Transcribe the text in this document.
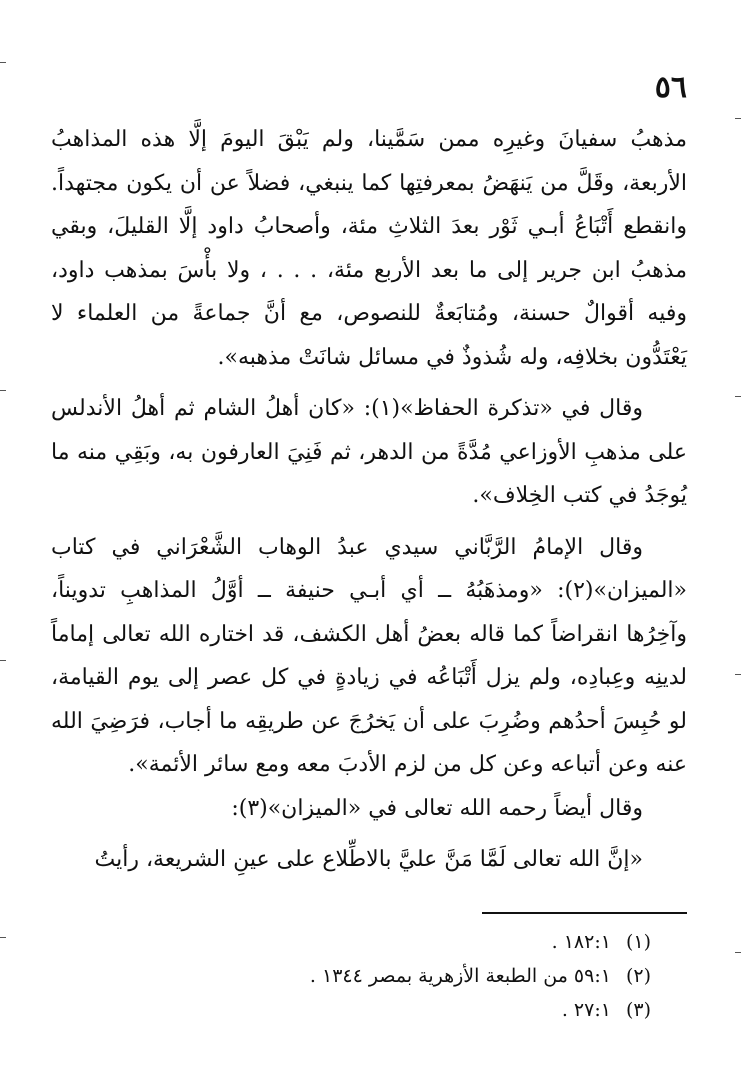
٥٦

مذهبُ سفيانَ وغيرِه ممن سَمَّينا، ولم يَبْقَ اليومَ إلَّا هذه المذاهبُ الأربعة، وقَلَّ من يَنهَضُ بمعرفتِها كما ينبغي، فضلاً عن أن يكون مجتهداً. وانقطع أَتْبَاعُ أبـي ثَوْر بعدَ الثلاثِ مئة، وأصحابُ داود إلَّا القليلَ، وبقي مذهبُ ابن جرير إلى ما بعد الأربع مئة، . . . ، ولا بأْسَ بمذهب داود، وفيه أقوالٌ حسنة، ومُتابَعةٌ للنصوص، مع أنَّ جماعةً من العلماء لا يَعْتَدُّون بخلافِه، وله شُذوذٌ في مسائل شانَتْ مذهبه».

وقال في «تذكرة الحفاظ»(١): «كان أهلُ الشام ثم أهلُ الأندلس على مذهبِ الأوزاعي مُدَّةً من الدهر، ثم فَنِيَ العارفون به، وبَقِي منه ما يُوجَدُ في كتب الخِلاف».

وقال الإمامُ الرَّبَّاني سيدي عبدُ الوهاب الشَّعْرَاني في كتاب «الميزان»(٢): «ومذهَبُهُ ــ أي أبـي حنيفة ــ أوَّلُ المذاهبِ تدويناً، وآخِرُها انقراضاً كما قاله بعضُ أهل الكشف، قد اختاره الله تعالى إماماً لدينِه وعِبادِه، ولم يزل أَتْبَاعُه في زيادةٍ في كل عصر إلى يوم القيامة، لو حُبِسَ أحدُهم وضُرِبَ على أن يَخرُجَ عن طريقِه ما أجاب، فرَضِيَ الله عنه وعن أتباعه وعن كل من لزم الأدبَ معه ومع سائر الأئمة».

وقال أيضاً رحمه الله تعالى في «الميزان»(٣):

«إنَّ الله تعالى لَمَّا مَنَّ عليَّ بالاطِّلاع على عينِ الشريعة، رأيتُ

(١) ١٨٢:١ .

(٢) ٥٩:١ من الطبعة الأزهرية بمصر ١٣٤٤ .

(٣) ٢٧:١ .
